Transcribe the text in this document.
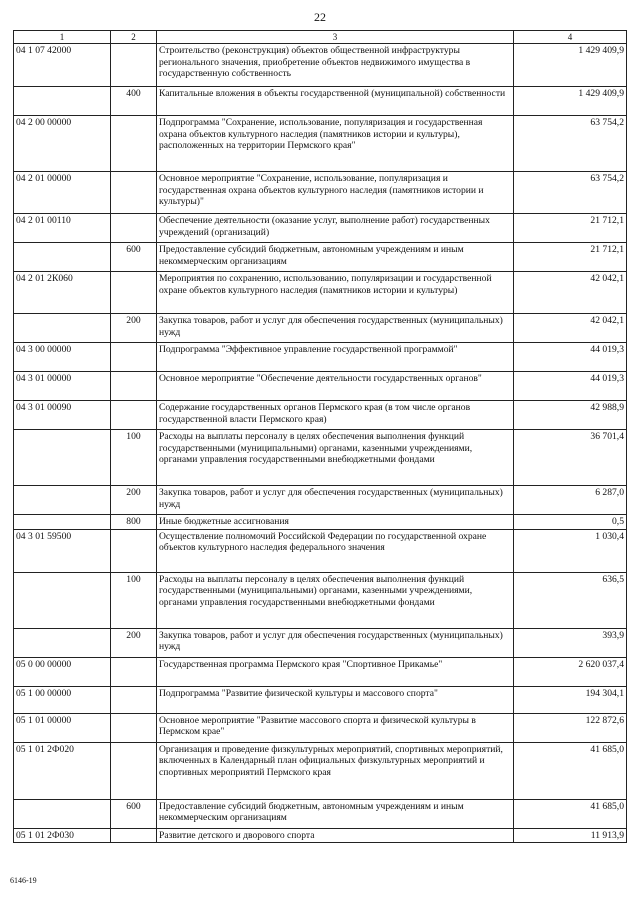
22
1	2	3	4
04 1 07 42000		Строительство (реконструкция) объектов общественной инфраструктуры регионального значения, приобретение объектов недвижимого имущества в государственную собственность	1 429 409,9
	400	Капитальные вложения в объекты государственной (муниципальной) собственности	1 429 409,9
04 2 00 00000		Подпрограмма "Сохранение, использование, популяризация и государственная охрана объектов культурного наследия (памятников истории и культуры), расположенных на территории Пермского края"	63 754,2
04 2 01 00000		Основное мероприятие "Сохранение, использование, популяризация и государственная охрана объектов культурного наследия (памятников истории и культуры)"	63 754,2
04 2 01 00110		Обеспечение деятельности (оказание услуг, выполнение работ) государственных учреждений (организаций)	21 712,1
	600	Предоставление субсидий бюджетным, автономным учреждениям и иным некоммерческим организациям	21 712,1
04 2 01 2К060		Мероприятия по сохранению, использованию, популяризации и государственной охране объектов культурного наследия (памятников истории и культуры)	42 042,1
	200	Закупка товаров, работ и услуг для обеспечения государственных (муниципальных) нужд	42 042,1
04 3 00 00000		Подпрограмма "Эффективное управление государственной программой"	44 019,3
04 3 01 00000		Основное мероприятие "Обеспечение деятельности государственных органов"	44 019,3
04 3 01 00090		Содержание государственных органов Пермского края (в том числе органов государственной власти Пермского края)	42 988,9
	100	Расходы на выплаты персоналу в целях обеспечения выполнения функций государственными (муниципальными) органами, казенными учреждениями, органами управления государственными внебюджетными фондами	36 701,4
	200	Закупка товаров, работ и услуг для обеспечения государственных (муниципальных) нужд	6 287,0
	800	Иные бюджетные ассигнования	0,5
04 3 01 59500		Осуществление полномочий Российской Федерации по государственной охране объектов культурного наследия федерального значения	1 030,4
	100	Расходы на выплаты персоналу в целях обеспечения выполнения функций государственными (муниципальными) органами, казенными учреждениями, органами управления государственными внебюджетными фондами	636,5
	200	Закупка товаров, работ и услуг для обеспечения государственных (муниципальных) нужд	393,9
05 0 00 00000		Государственная программа Пермского края "Спортивное Прикамье"	2 620 037,4
05 1 00 00000		Подпрограмма "Развитие физической культуры и массового спорта"	194 304,1
05 1 01 00000		Основное мероприятие "Развитие массового спорта и физической культуры в Пермском крае"	122 872,6
05 1 01 2Ф020		Организация и проведение физкультурных мероприятий, спортивных мероприятий, включенных в Календарный план официальных физкультурных мероприятий и спортивных мероприятий Пермского края	41 685,0
	600	Предоставление субсидий бюджетным, автономным учреждениям и иным некоммерческим организациям	41 685,0
05 1 01 2Ф030		Развитие детского и дворового спорта	11 913,9
6146-19
